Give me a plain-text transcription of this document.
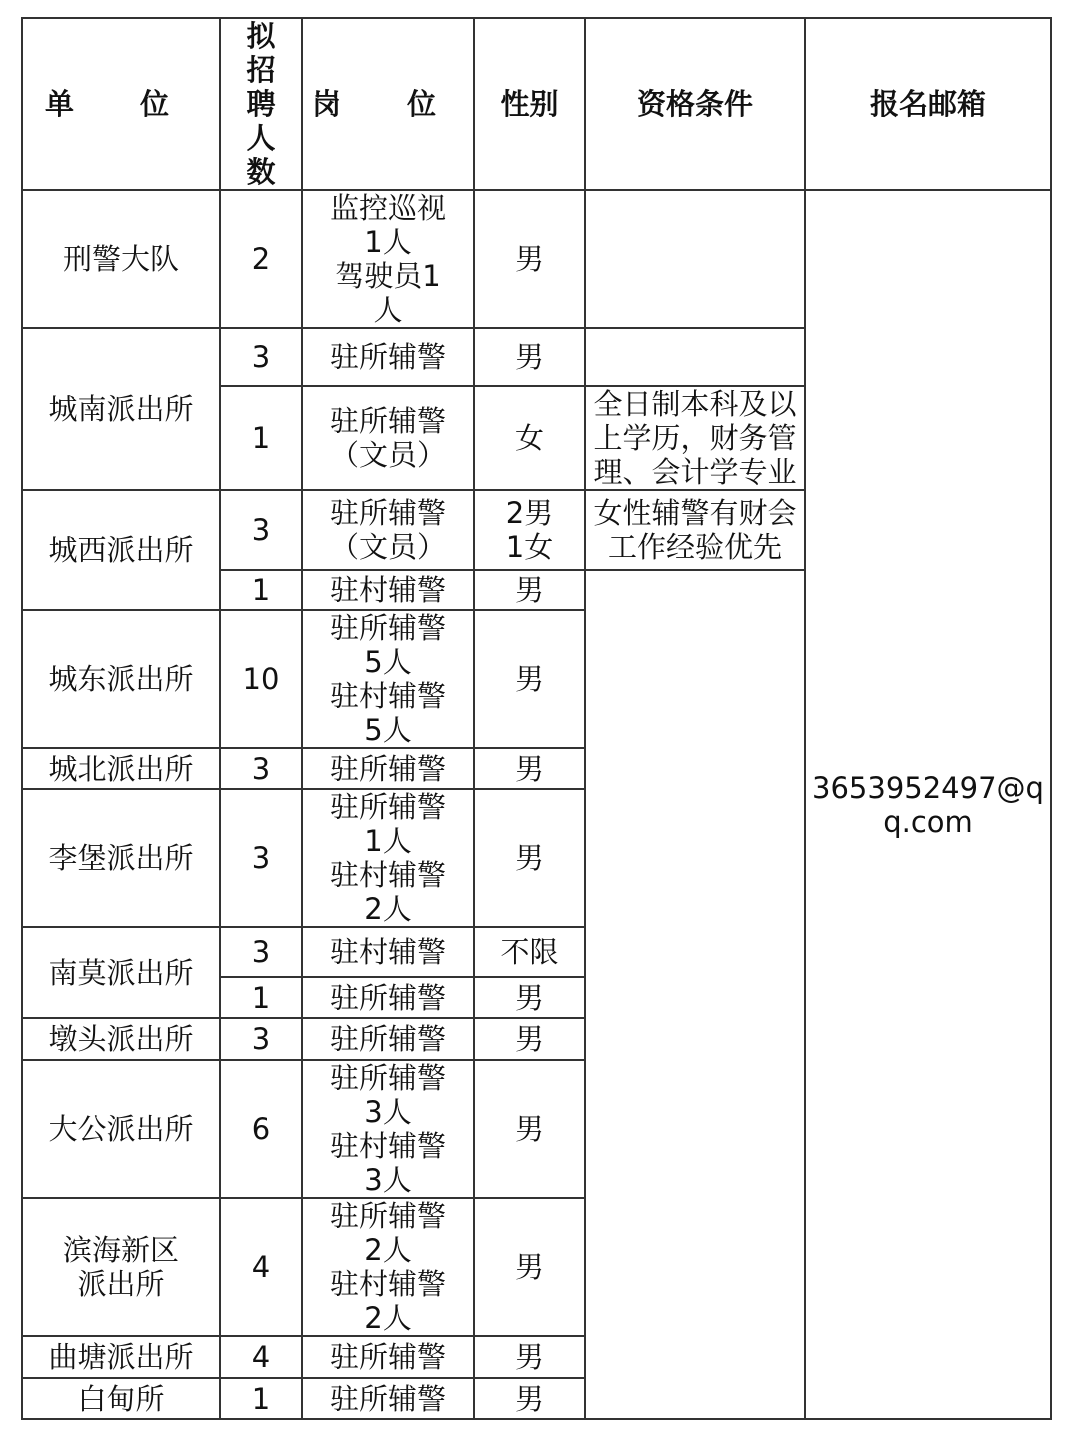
单 位	拟招聘人数	岗 位	性别	资格条件	报名邮箱
刑警大队	2	监控巡视
1人
驾驶员1
人	男		3653952497@qq.com
城南派出所	3	驻所辅警	男		
	1	驻所辅警
（文员）	女	全日制本科及以
上学历，财务管
理、会计学专业	
城西派出所	3	驻所辅警
（文员）	2男
1女	女性辅警有财会
工作经验优先	
	1	驻村辅警	男		
城东派出所	10	驻所辅警
5人
驻村辅警
5人	男		
城北派出所	3	驻所辅警	男		
李堡派出所	3	驻所辅警
1人
驻村辅警
2人	男		
南莫派出所	3	驻村辅警	不限		
	1	驻所辅警	男		
墩头派出所	3	驻所辅警	男		
大公派出所	6	驻所辅警
3人
驻村辅警
3人	男		
滨海新区
派出所	4	驻所辅警
2人
驻村辅警
2人	男		
曲塘派出所	4	驻所辅警	男		
白甸所	1	驻所辅警	男		
